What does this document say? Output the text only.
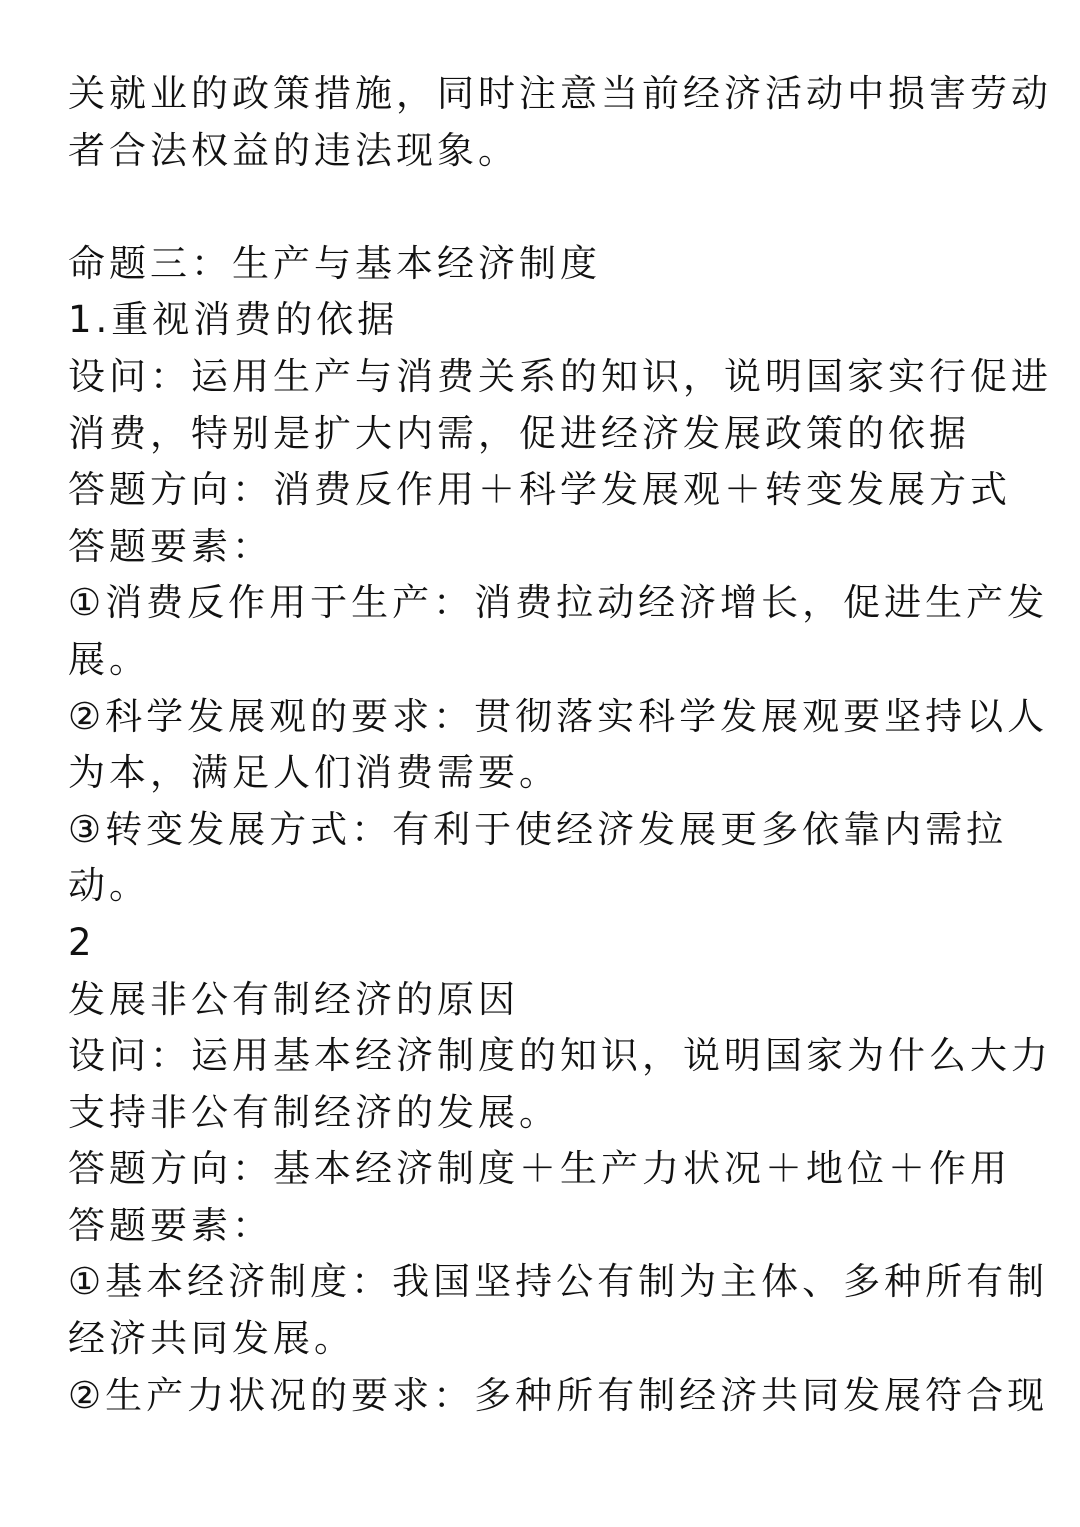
关就业的政策措施，同时注意当前经济活动中损害劳动
者合法权益的违法现象。
命题三：生产与基本经济制度
1.重视消费的依据
设问：运用生产与消费关系的知识，说明国家实行促进
消费，特别是扩大内需，促进经济发展政策的依据
答题方向：消费反作用＋科学发展观＋转变发展方式
答题要素：
①消费反作用于生产：消费拉动经济增长，促进生产发
展。
②科学发展观的要求：贯彻落实科学发展观要坚持以人
为本，满足人们消费需要。
③转变发展方式：有利于使经济发展更多依靠内需拉
动。
2
发展非公有制经济的原因
设问：运用基本经济制度的知识，说明国家为什么大力
支持非公有制经济的发展。
答题方向：基本经济制度＋生产力状况＋地位＋作用
答题要素：
①基本经济制度：我国坚持公有制为主体、多种所有制
经济共同发展。
②生产力状况的要求：多种所有制经济共同发展符合现
